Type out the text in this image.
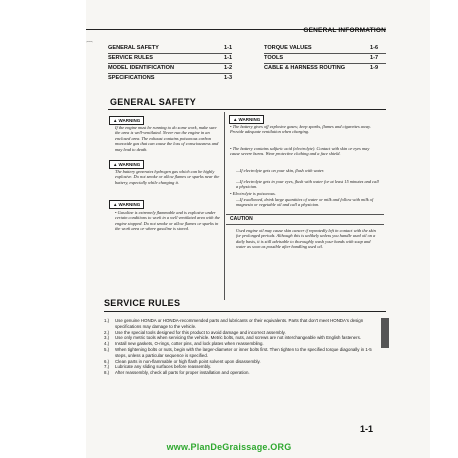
GENERAL INFORMATION
⌒	GENERAL SAFETY	1-1	TORQUE VALUES	1-6
SERVICE RULES	1-1	TOOLS	1-7
MODEL IDENTIFICATION	1-2	CABLE & HARNESS ROUTING	1-9
SPECIFICATIONS	1-3
GENERAL SAFETY
▲ WARNING

If the engine must be running to do some work, make sure the area is well-ventilated. Never run the engine in an enclosed area. The exhaust contains poisonous carbon monoxide gas that can cause the loss of consciousness and may lead to death.

▲ WARNING

The battery generates hydrogen gas which can be highly explosive. Do not smoke or allow flames or sparks near the battery, especially while charging it.

▲ WARNING

• Gasoline is extremely flammable and is explosive under certain conditions to work in a well ventilated area with the engine stopped. Do not smoke or allow flames or sparks in the work area or where gasoline is stored.

▲ WARNING

• The battery gives off explosive gases; keep sparks, flames and cigarettes away. Provide adequate ventilation when charging.

• The battery contains sulfuric acid (electrolyte). Contact with skin or eyes may cause severe burns. Wear protective clothing and a face shield.

—If electrolyte gets on your skin, flush with water.

—If electrolyte gets in your eyes, flush with water for at least 15 minutes and call a physician.

• Electrolyte is poisonous.

—If swallowed, drink large quantities of water or milk and follow with milk of magnesia or vegetable oil and call a physician.

CAUTION

Used engine oil may cause skin cancer if repeatedly left in contact with the skin for prolonged periods. Although this is unlikely unless you handle used oil on a daily basis, it is still advisable to thoroughly wash your hands with soap and water as soon as possible after handling used oil.

SERVICE RULES
1.) Use genuine HONDA or HONDA-recommended parts and lubricants or their equivalents. Parts that don't meet HONDA's design specifications may damage to the vehicle.
2.) Use the special tools designed for this product to avoid damage and incorrect assembly.
3.) Use only metric tools when servicing the vehicle. Metric bolts, nuts, and screws are not interchangeable with English fasteners.
4.) Install new gaskets, O-rings, cotter pins, and lock plates when reassembling.
5.) When tightening bolts or nuts, begin with the larger-diameter or inner bolts first. Then tighten to the specified torque diagonally in 1-5 steps, unless a particular sequence is specified.
6.) Clean parts in non-flammable or high flash point solvent upon disassembly.
7.) Lubricate any sliding surfaces before reassembly.
8.) After reassembly, check all parts for proper installation and operation.
1-1
www.PlanDeGraissage.ORG
